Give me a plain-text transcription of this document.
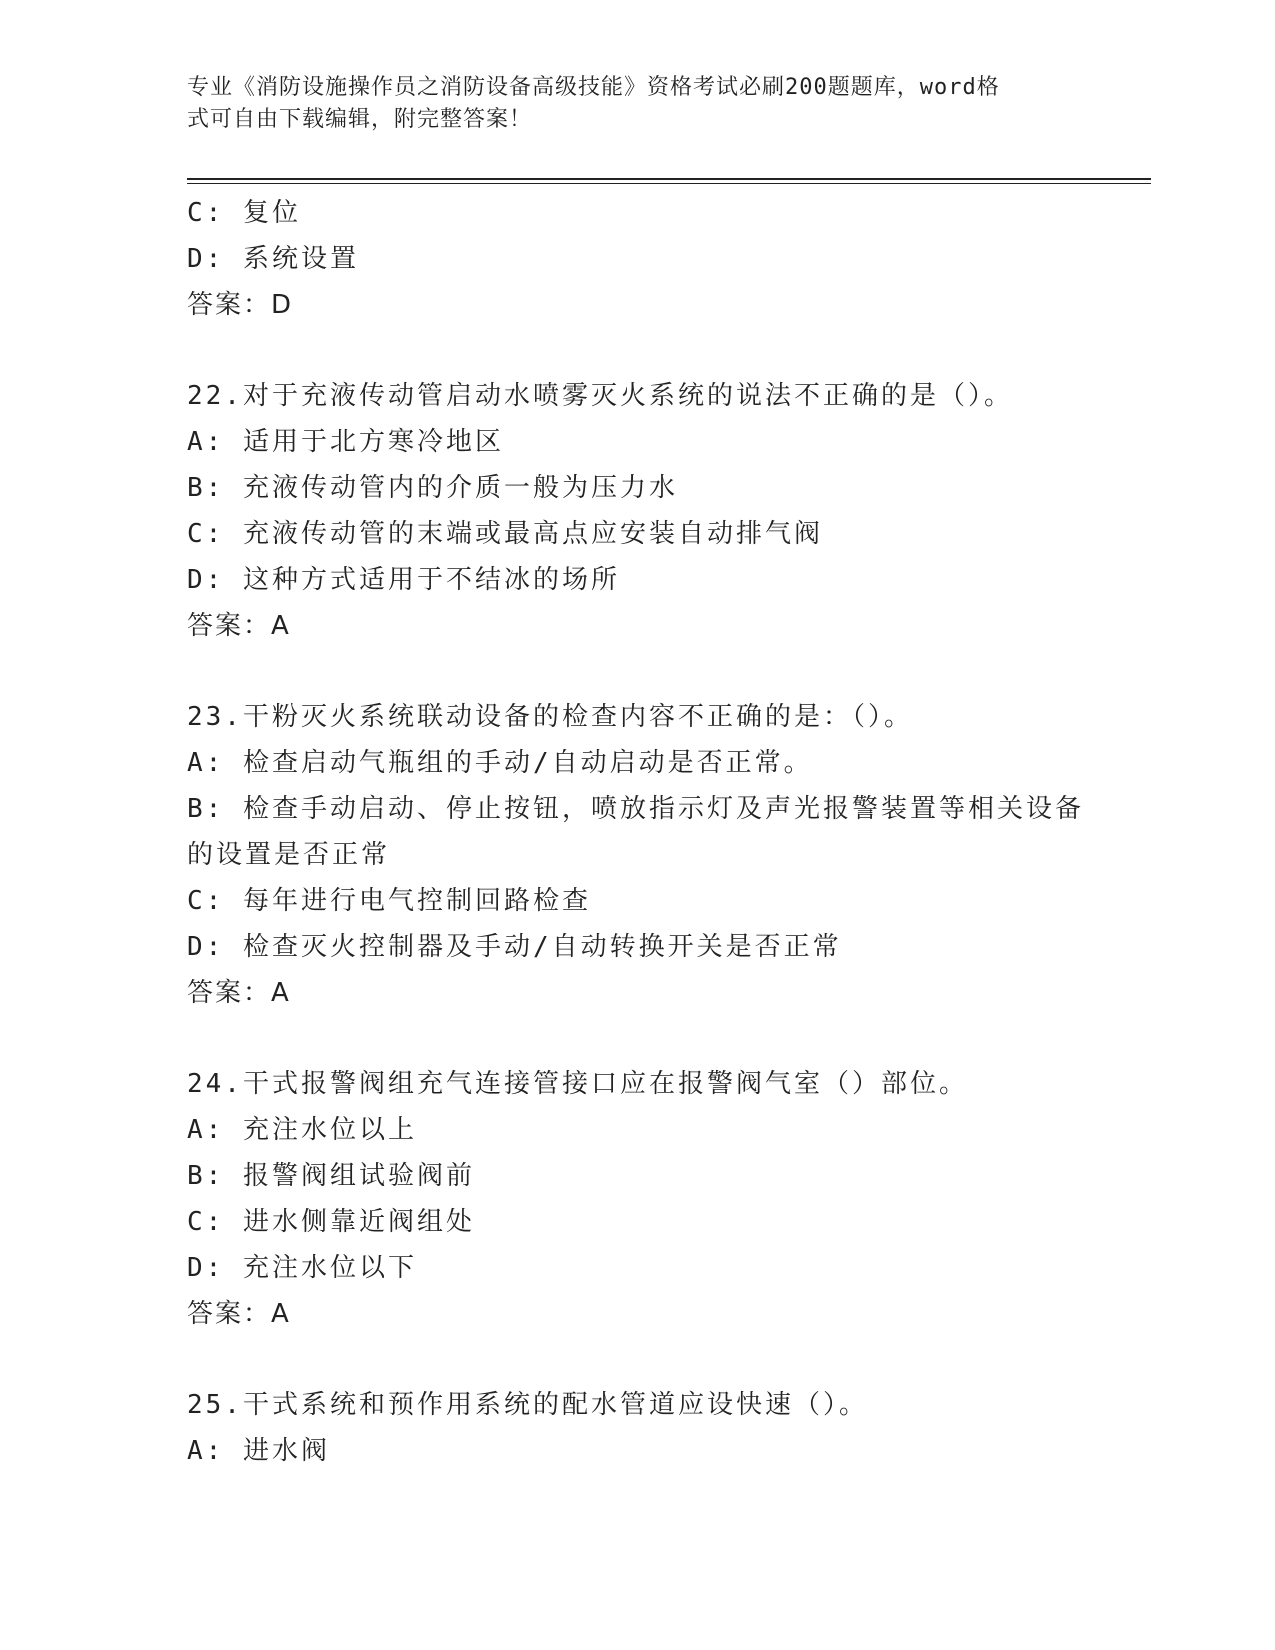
专业《消防设施操作员之消防设备高级技能》资格考试必刷200题题库，word格
式可自由下载编辑，附完整答案！
C: 复位
D: 系统设置
答案：D
22.对于充液传动管启动水喷雾灭火系统的说法不正确的是（）。
A: 适用于北方寒冷地区
B: 充液传动管内的介质一般为压力水
C: 充液传动管的末端或最高点应安装自动排气阀
D: 这种方式适用于不结冰的场所
答案：A
23.干粉灭火系统联动设备的检查内容不正确的是：（）。
A: 检查启动气瓶组的手动/自动启动是否正常。
B: 检查手动启动、停止按钮，喷放指示灯及声光报警装置等相关设备
的设置是否正常
C: 每年进行电气控制回路检查
D: 检查灭火控制器及手动/自动转换开关是否正常
答案：A
24.干式报警阀组充气连接管接口应在报警阀气室（）部位。
A: 充注水位以上
B: 报警阀组试验阀前
C: 进水侧靠近阀组处
D: 充注水位以下
答案：A
25.干式系统和预作用系统的配水管道应设快速（）。
A: 进水阀
